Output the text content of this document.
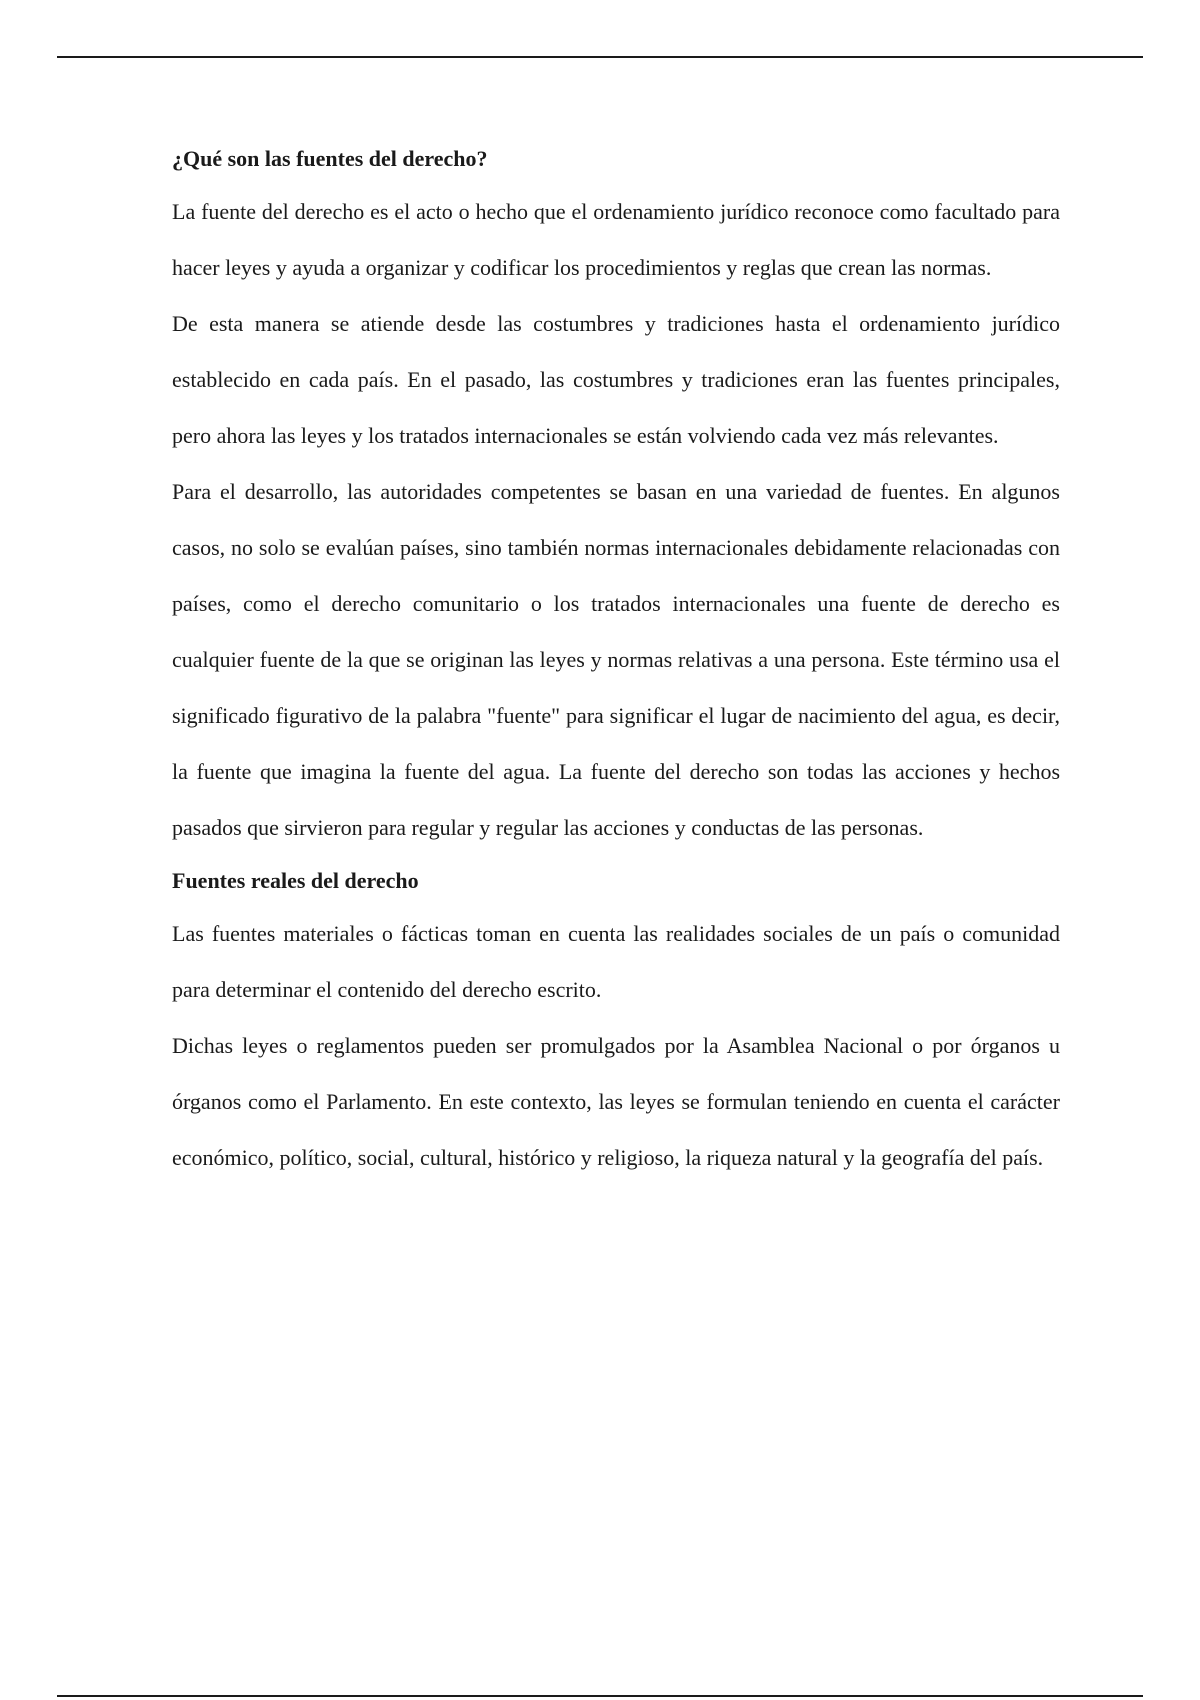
¿Qué son las fuentes del derecho?

La fuente del derecho es el acto o hecho que el ordenamiento jurídico reconoce como facultado para hacer leyes y ayuda a organizar y codificar los procedimientos y reglas que crean las normas.

De esta manera se atiende desde las costumbres y tradiciones hasta el ordenamiento jurídico establecido en cada país. En el pasado, las costumbres y tradiciones eran las fuentes principales, pero ahora las leyes y los tratados internacionales se están volviendo cada vez más relevantes.

Para el desarrollo, las autoridades competentes se basan en una variedad de fuentes. En algunos casos, no solo se evalúan países, sino también normas internacionales debidamente relacionadas con países, como el derecho comunitario o los tratados internacionales una fuente de derecho es cualquier fuente de la que se originan las leyes y normas relativas a una persona. Este término usa el significado figurativo de la palabra "fuente" para significar el lugar de nacimiento del agua, es decir, la fuente que imagina la fuente del agua. La fuente del derecho son todas las acciones y hechos pasados que sirvieron para regular y regular las acciones y conductas de las personas.

Fuentes reales del derecho

Las fuentes materiales o fácticas toman en cuenta las realidades sociales de un país o comunidad para determinar el contenido del derecho escrito.

Dichas leyes o reglamentos pueden ser promulgados por la Asamblea Nacional o por órganos u órganos como el Parlamento. En este contexto, las leyes se formulan teniendo en cuenta el carácter económico, político, social, cultural, histórico y religioso, la riqueza natural y la geografía del país.
